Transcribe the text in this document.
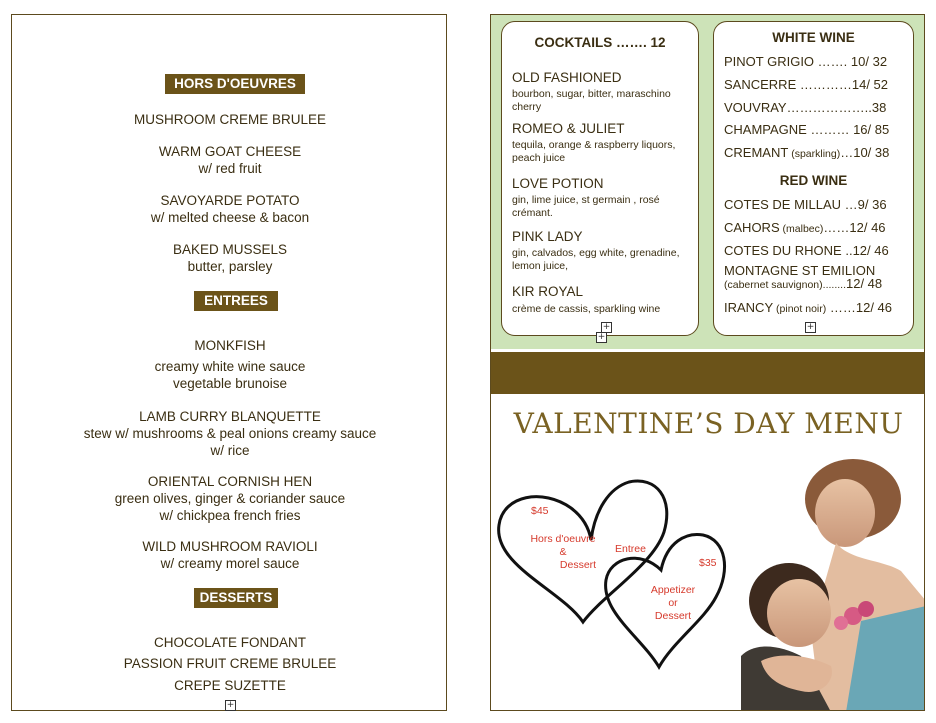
HORS D'OEUVRES
MUSHROOM CREME BRULEE
WARM GOAT CHEESE
w/ red fruit
SAVOYARDE POTATO
w/ melted cheese & bacon
BAKED MUSSELS
butter, parsley
ENTREES
MONKFISH
creamy white wine sauce
vegetable brunoise
LAMB CURRY BLANQUETTE
stew w/ mushrooms & peal onions creamy sauce
w/ rice
ORIENTAL CORNISH HEN
green olives, ginger & coriander sauce
w/ chickpea french fries
WILD MUSHROOM RAVIOLI
w/ creamy morel sauce
DESSERTS
CHOCOLATE FONDANT
PASSION FRUIT CREME BRULEE
CREPE SUZETTE
+
COCKTAILS ……. 12
OLD FASHIONED
bourbon, sugar, bitter, maraschino cherry
ROMEO & JULIET
tequila, orange & raspberry liquors, peach juice
LOVE POTION
gin, lime juice, st germain , rosé crémant.
PINK LADY
gin, calvados, egg white, grenadine, lemon juice,
KIR ROYAL
crème de cassis, sparkling wine
+
+
WHITE WINE
PINOT GRIGIO ……. 10/ 32
SANCERRE …………14/ 52
VOUVRAY………………..38
CHAMPAGNE ……… 16/ 85
CREMANT (sparkling)…10/ 38
RED WINE
COTES DE MILLAU …9/ 36
CAHORS (malbec)……12/ 46
COTES DU RHONE ..12/ 46
MONTAGNE ST EMILION
(cabernet sauvignon)........12/ 48
IRANCY (pinot noir) ……12/ 46
+
VALENTINE’S DAY MENU
$45
Hors d'oeuvre
&
Dessert
Entree
$35
Appetizer
or
Dessert
